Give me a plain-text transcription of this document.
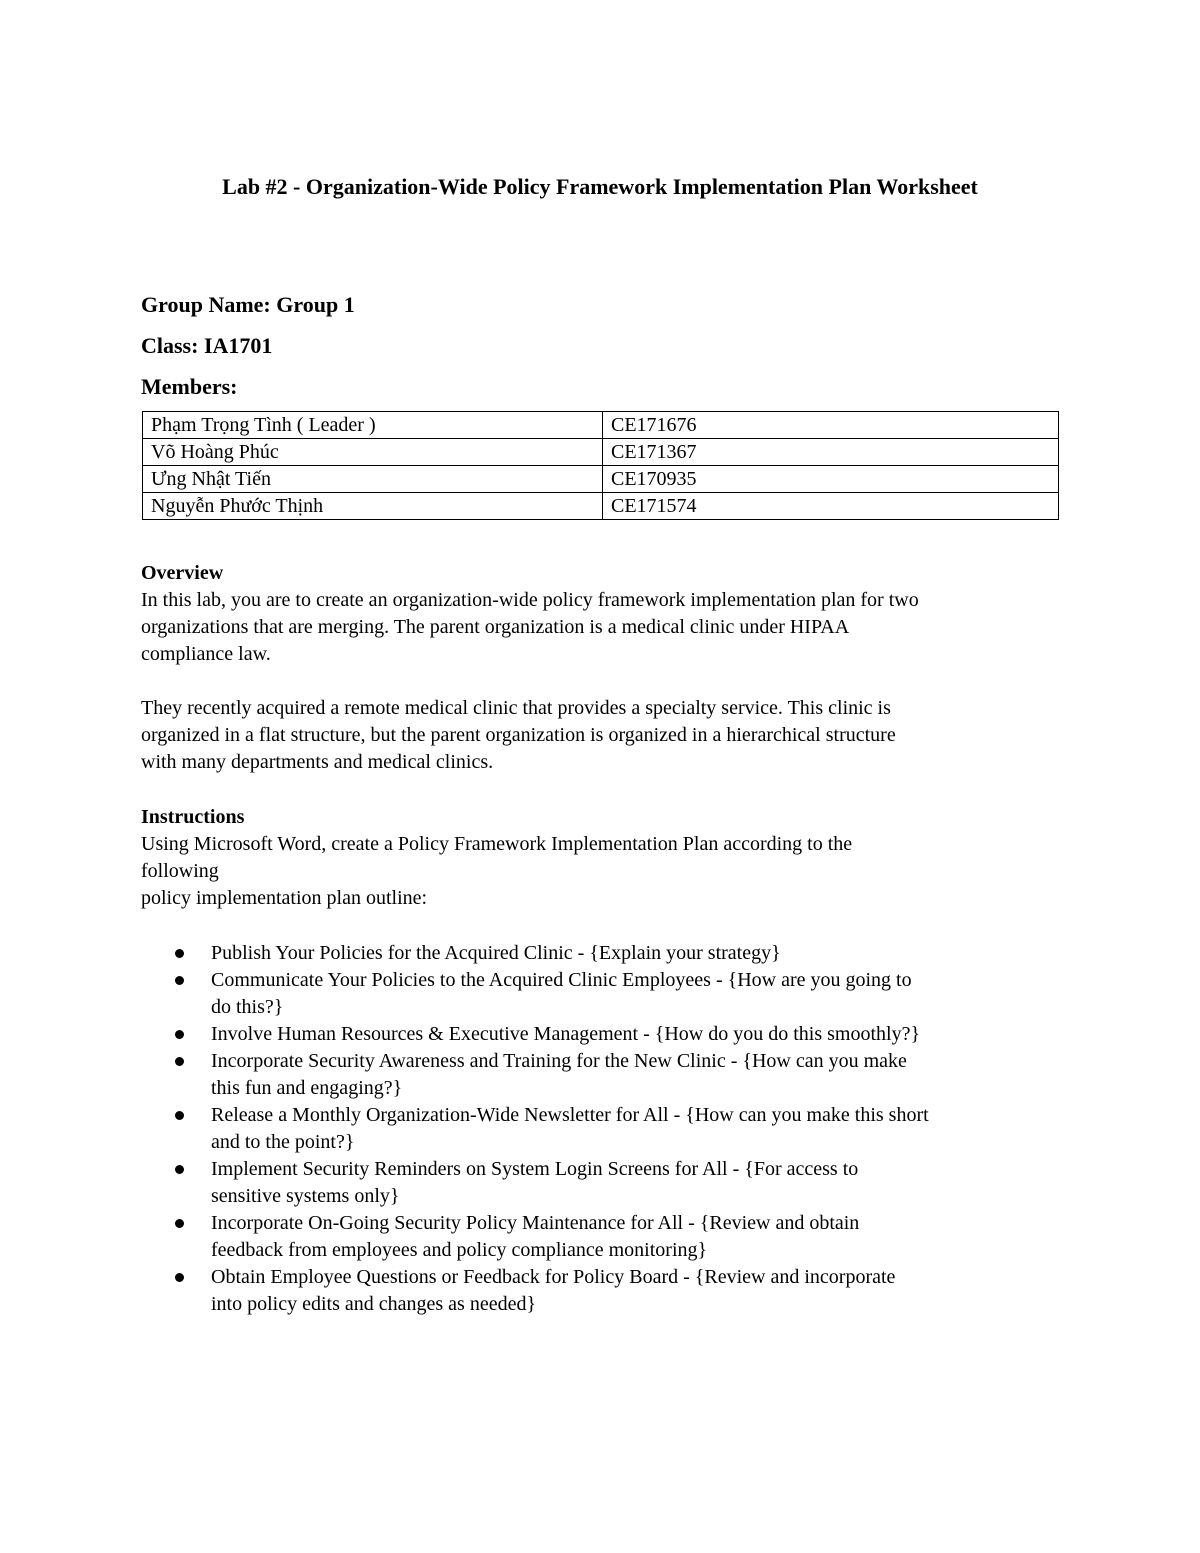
Lab #2 - Organization-Wide Policy Framework Implementation Plan Worksheet
Group Name: Group 1
Class: IA1701
Members:
Phạm Trọng Tình ( Leader )	CE171676
Võ Hoàng Phúc	CE171367
Ưng Nhật Tiến	CE170935
Nguyễn Phước Thịnh	CE171574
Overview
In this lab, you are to create an organization-wide policy framework implementation plan for two
organizations that are merging. The parent organization is a medical clinic under HIPAA
compliance law.
They recently acquired a remote medical clinic that provides a specialty service. This clinic is
organized in a flat structure, but the parent organization is organized in a hierarchical structure
with many departments and medical clinics.
Instructions
Using Microsoft Word, create a Policy Framework Implementation Plan according to the
following
policy implementation plan outline:
Publish Your Policies for the Acquired Clinic - {Explain your strategy}
Communicate Your Policies to the Acquired Clinic Employees - {How are you going to
do this?}
Involve Human Resources & Executive Management - {How do you do this smoothly?}
Incorporate Security Awareness and Training for the New Clinic - {How can you make
this fun and engaging?}
Release a Monthly Organization-Wide Newsletter for All - {How can you make this short
and to the point?}
Implement Security Reminders on System Login Screens for All - {For access to
sensitive systems only}
Incorporate On-Going Security Policy Maintenance for All - {Review and obtain
feedback from employees and policy compliance monitoring}
Obtain Employee Questions or Feedback for Policy Board - {Review and incorporate
into policy edits and changes as needed}
